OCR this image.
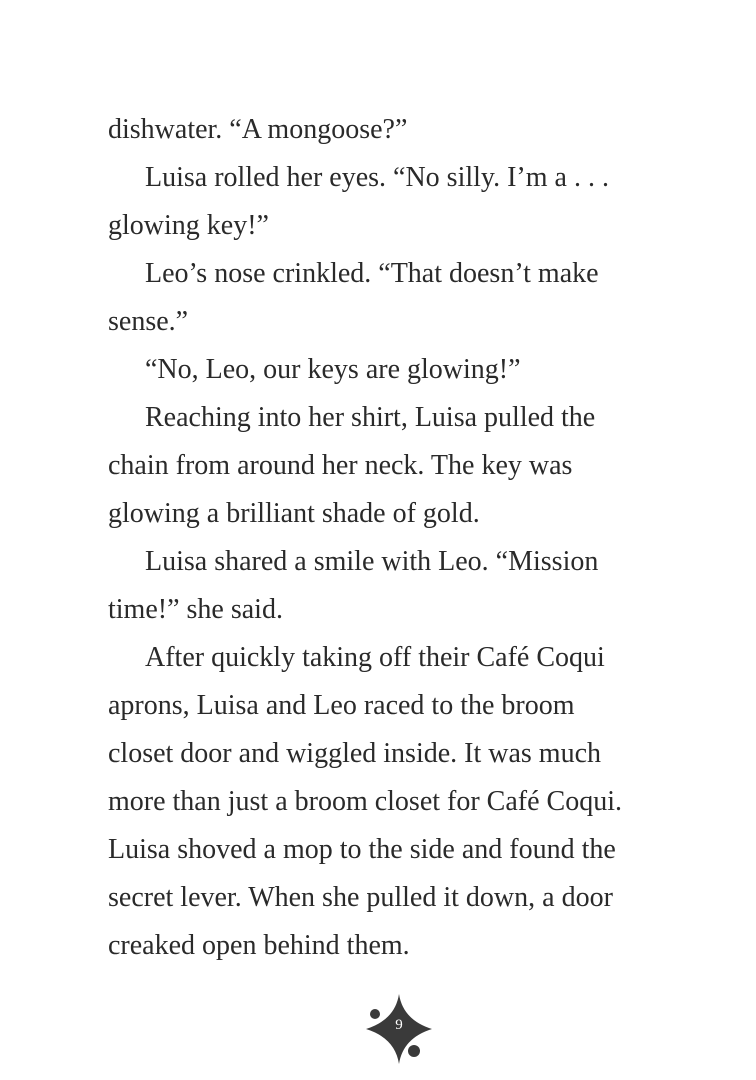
dishwater. “A mongoose?”
Luisa rolled her eyes. “No silly. I’m a . . .
glowing key!”
Leo’s nose crinkled. “That doesn’t make
sense.”
“No, Leo, our keys are glowing!”
Reaching into her shirt, Luisa pulled the
chain from around her neck. The key was
glowing a brilliant shade of gold.
Luisa shared a smile with Leo. “Mission
time!” she said.
After quickly taking off their Café Coqui
aprons, Luisa and Leo raced to the broom
closet door and wiggled inside. It was much
more than just a broom closet for Café Coqui.
Luisa shoved a mop to the side and found the
secret lever. When she pulled it down, a door
creaked open behind them.
9
